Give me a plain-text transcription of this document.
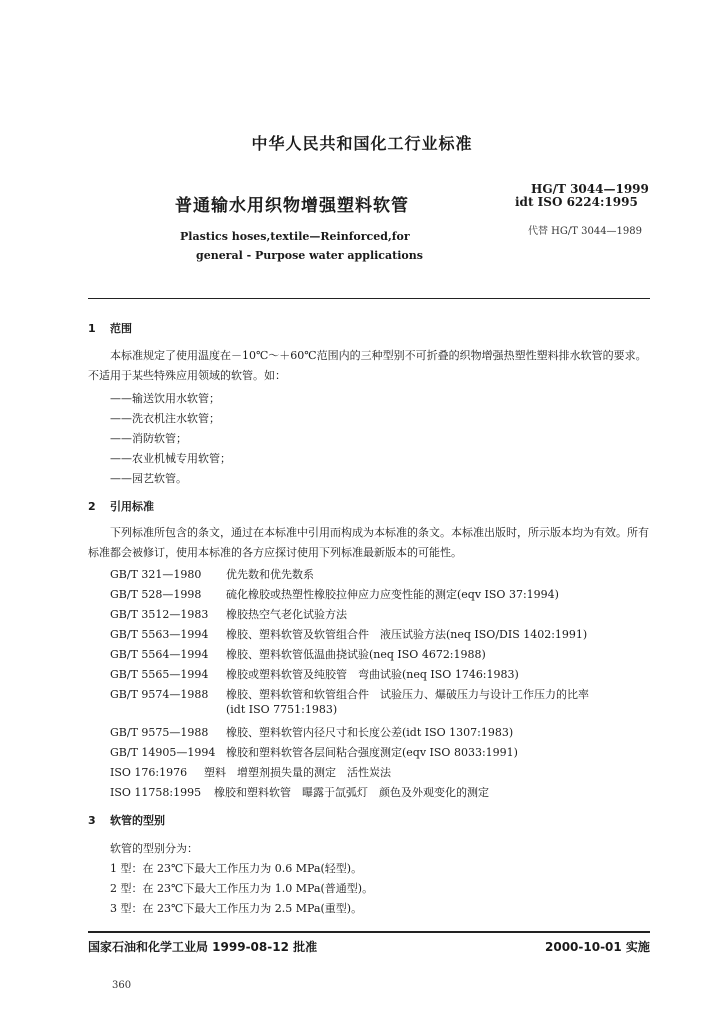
中华人民共和国化工行业标准
普通输水用织物增强塑料软管
Plastics hoses,textile—Reinforced,for
general - Purpose water applications
HG/T 3044—1999
idt ISO 6224:1995
代替 HG/T 3044—1989
1 范围
本标准规定了使用温度在－10℃～＋60℃范围内的三种型别不可折叠的织物增强热塑性塑料排水软管的要求。不适用于某些特殊应用领域的软管。如：
——输送饮用水软管；
——洗衣机注水软管；
——消防软管；
——农业机械专用软管；
——园艺软管。
2 引用标准
下列标准所包含的条文，通过在本标准中引用而构成为本标准的条文。本标准出版时，所示版本均为有效。所有标准都会被修订，使用本标准的各方应探讨使用下列标准最新版本的可能性。
GB/T 321—1980 优先数和优先数系
GB/T 528—1998 硫化橡胶或热塑性橡胶拉伸应力应变性能的测定(eqv ISO 37:1994)
GB/T 3512—1983 橡胶热空气老化试验方法
GB/T 5563—1994 橡胶、塑料软管及软管组合件　液压试验方法(neq ISO/DIS 1402:1991)
GB/T 5564—1994 橡胶、塑料软管低温曲挠试验(neq ISO 4672:1988)
GB/T 5565—1994 橡胶或塑料软管及纯胶管　弯曲试验(neq ISO 1746:1983)
GB/T 9574—1988 橡胶、塑料软管和软管组合件　试验压力、爆破压力与设计工作压力的比率
(idt ISO 7751:1983)
GB/T 9575—1988 橡胶、塑料软管内径尺寸和长度公差(idt ISO 1307:1983)
GB/T 14905—1994 橡胶和塑料软管各层间粘合强度测定(eqv ISO 8033:1991)
ISO 176:1976 塑料　增塑剂损失量的测定　活性炭法
ISO 11758:1995 橡胶和塑料软管　曝露于氙弧灯　颜色及外观变化的测定
3 软管的型别
软管的型别分为：
1 型：在 23℃下最大工作压力为 0.6 MPa(轻型)。
2 型：在 23℃下最大工作压力为 1.0 MPa(普通型)。
3 型：在 23℃下最大工作压力为 2.5 MPa(重型)。
国家石油和化学工业局 1999-08-12 批准	2000-10-01 实施
360
